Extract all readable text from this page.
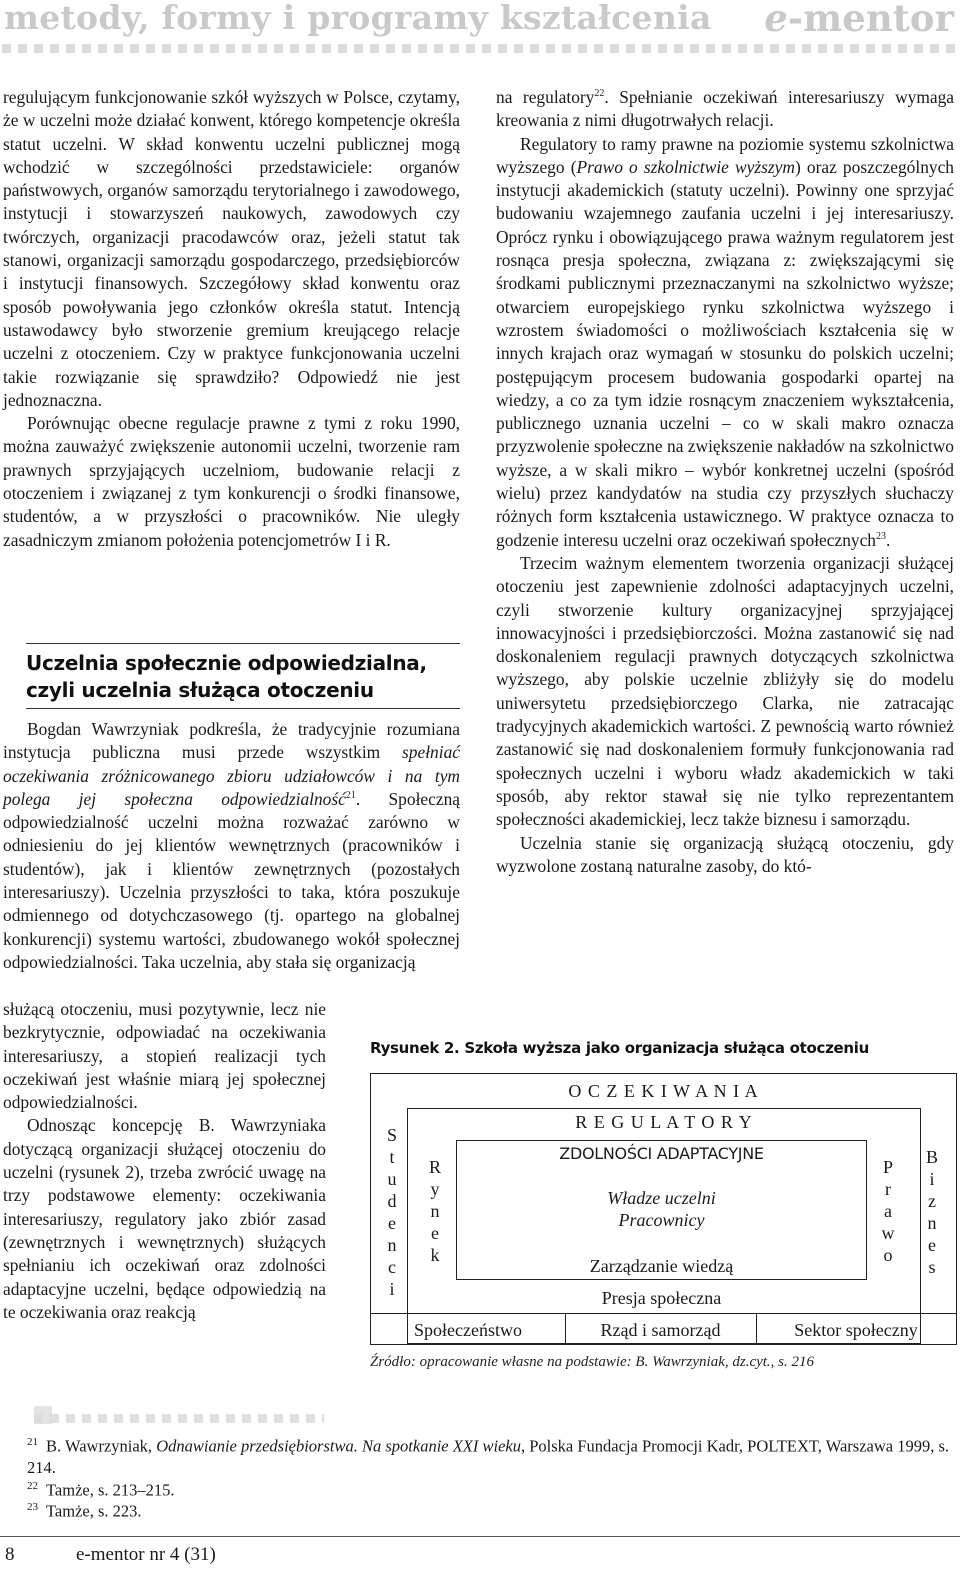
metody, formy i programy kształcenia e-mentor

regulującym funkcjonowanie szkół wyższych w Polsce, czytamy, że w uczelni może działać konwent, którego kompetencje określa statut uczelni. W skład konwentu uczelni publicznej mogą wchodzić w szczególności przedstawiciele: organów państwowych, organów samorządu terytorialnego i zawodowego, instytucji i stowarzyszeń naukowych, zawodowych czy twórczych, organizacji pracodawców oraz, jeżeli statut tak stanowi, organizacji samorządu gospodarczego, przedsiębiorców i instytucji finansowych. Szczegółowy skład konwentu oraz sposób powoływania jego członków określa statut. Intencją ustawodawcy było stworzenie gremium kreującego relacje uczelni z otoczeniem. Czy w praktyce funkcjonowania uczelni takie rozwiązanie się sprawdziło? Odpowiedź nie jest jednoznaczna.

Porównując obecne regulacje prawne z tymi z roku 1990, można zauważyć zwiększenie autonomii uczelni, tworzenie ram prawnych sprzyjających uczelniom, budowanie relacji z otoczeniem i związanej z tym konkurencji o środki finansowe, studentów, a w przyszłości o pracowników. Nie uległy zasadniczym zmianom położenia potencjometrów I i R.

Uczelnia społecznie odpowiedzialna,
czyli uczelnia służąca otoczeniu

Bogdan Wawrzyniak podkreśla, że tradycyjnie rozumiana instytucja publiczna musi przede wszystkim spełniać oczekiwania zróżnicowanego zbioru udziałowców i na tym polega jej społeczna odpowiedzialność$^{21}$. Społeczną odpowiedzialność uczelni można rozważać zarówno w odniesieniu do jej klientów wewnętrznych (pracowników i studentów), jak i klientów zewnętrznych (pozostałych interesariuszy). Uczelnia przyszłości to taka, która poszukuje odmiennego od dotychczasowego (tj. opartego na globalnej konkurencji) systemu wartości, zbudowanego wokół społecznej odpowiedzialności. Taka uczelnia, aby stała się organizacją

służącą otoczeniu, musi pozytywnie, lecz nie bezkrytycznie, odpowiadać na oczekiwania interesariuszy, a stopień realizacji tych oczekiwań jest właśnie miarą jej społecznej odpowiedzialności.

Odnosząc koncepcję B. Wawrzyniaka dotyczącą organizacji służącej otoczeniu do uczelni (rysunek 2), trzeba zwrócić uwagę na trzy podstawowe elementy: oczekiwania interesariuszy, regulatory jako zbiór zasad (zewnętrznych i wewnętrznych) służących spełnianiu ich oczekiwań oraz zdolności adaptacyjne uczelni, będące odpowiedzią na te oczekiwania oraz reakcją

na regulatory$^{22}$. Spełnianie oczekiwań interesariuszy wymaga kreowania z nimi długotrwałych relacji.

Regulatory to ramy prawne na poziomie systemu szkolnictwa wyższego (Prawo o szkolnictwie wyższym) oraz poszczególnych instytucji akademickich (statuty uczelni). Powinny one sprzyjać budowaniu wzajemnego zaufania uczelni i jej interesariuszy. Oprócz rynku i obowiązującego prawa ważnym regulatorem jest rosnąca presja społeczna, związana z: zwiększającymi się środkami publicznymi przeznaczanymi na szkolnictwo wyższe; otwarciem europejskiego rynku szkolnictwa wyższego i wzrostem świadomości o możliwościach kształcenia się w innych krajach oraz wymagań w stosunku do polskich uczelni; postępującym procesem budowania gospodarki opartej na wiedzy, a co za tym idzie rosnącym znaczeniem wykształcenia, publicznego uznania uczelni – co w skali makro oznacza przyzwolenie społeczne na zwiększenie nakładów na szkolnictwo wyższe, a w skali mikro – wybór konkretnej uczelni (spośród wielu) przez kandydatów na studia czy przyszłych słuchaczy różnych form kształcenia ustawicznego. W praktyce oznacza to godzenie interesu uczelni oraz oczekiwań społecznych$^{23}$.

Trzecim ważnym elementem tworzenia organizacji służącej otoczeniu jest zapewnienie zdolności adaptacyjnych uczelni, czyli stworzenie kultury organizacyjnej sprzyjającej innowacyjności i przedsiębiorczości. Można zastanowić się nad doskonaleniem regulacji prawnych dotyczących szkolnictwa wyższego, aby polskie uczelnie zbliżyły się do modelu uniwersytetu przedsiębiorczego Clarka, nie zatracając tradycyjnych akademickich wartości. Z pewnością warto również zastanowić się nad doskonaleniem formuły funkcjonowania rad społecznych uczelni i wyboru władz akademickich w taki sposób, aby rektor stawał się nie tylko reprezentantem społeczności akademickiej, lecz także biznesu i samorządu.

Uczelnia stanie się organizacją służącą otoczeniu, gdy wyzwolone zostaną naturalne zasoby, do któ-

Rysunek 2. Szkoła wyższa jako organizacja służąca otoczeniu
O C Z E K I W A N I A
R E G U L A T O R Y
ZDOLNOŚCI ADAPTACYJNE
Władze uczelni
Pracownicy
Zarządzanie wiedzą
Presja społeczna
S
t
u
d
e
n
c
i
R
y
n
e
k
P
r
a
w
o
B
i
z
n
e
s
Społeczeństwo	Rząd i samorząd	Sektor społeczny
Źródło: opracowanie własne na podstawie: B. Wawrzyniak, dz.cyt., s. 216
$^{21}$ B. Wawrzyniak, Odnawianie przedsiębiorstwa. Na spotkanie XXI wieku, Polska Fundacja Promocji Kadr, POLTEXT, Warszawa 1999, s. 214.
$^{22}$ Tamże, s. 213–215.
$^{23}$ Tamże, s. 223.
8	e-mentor nr 4 (31)
